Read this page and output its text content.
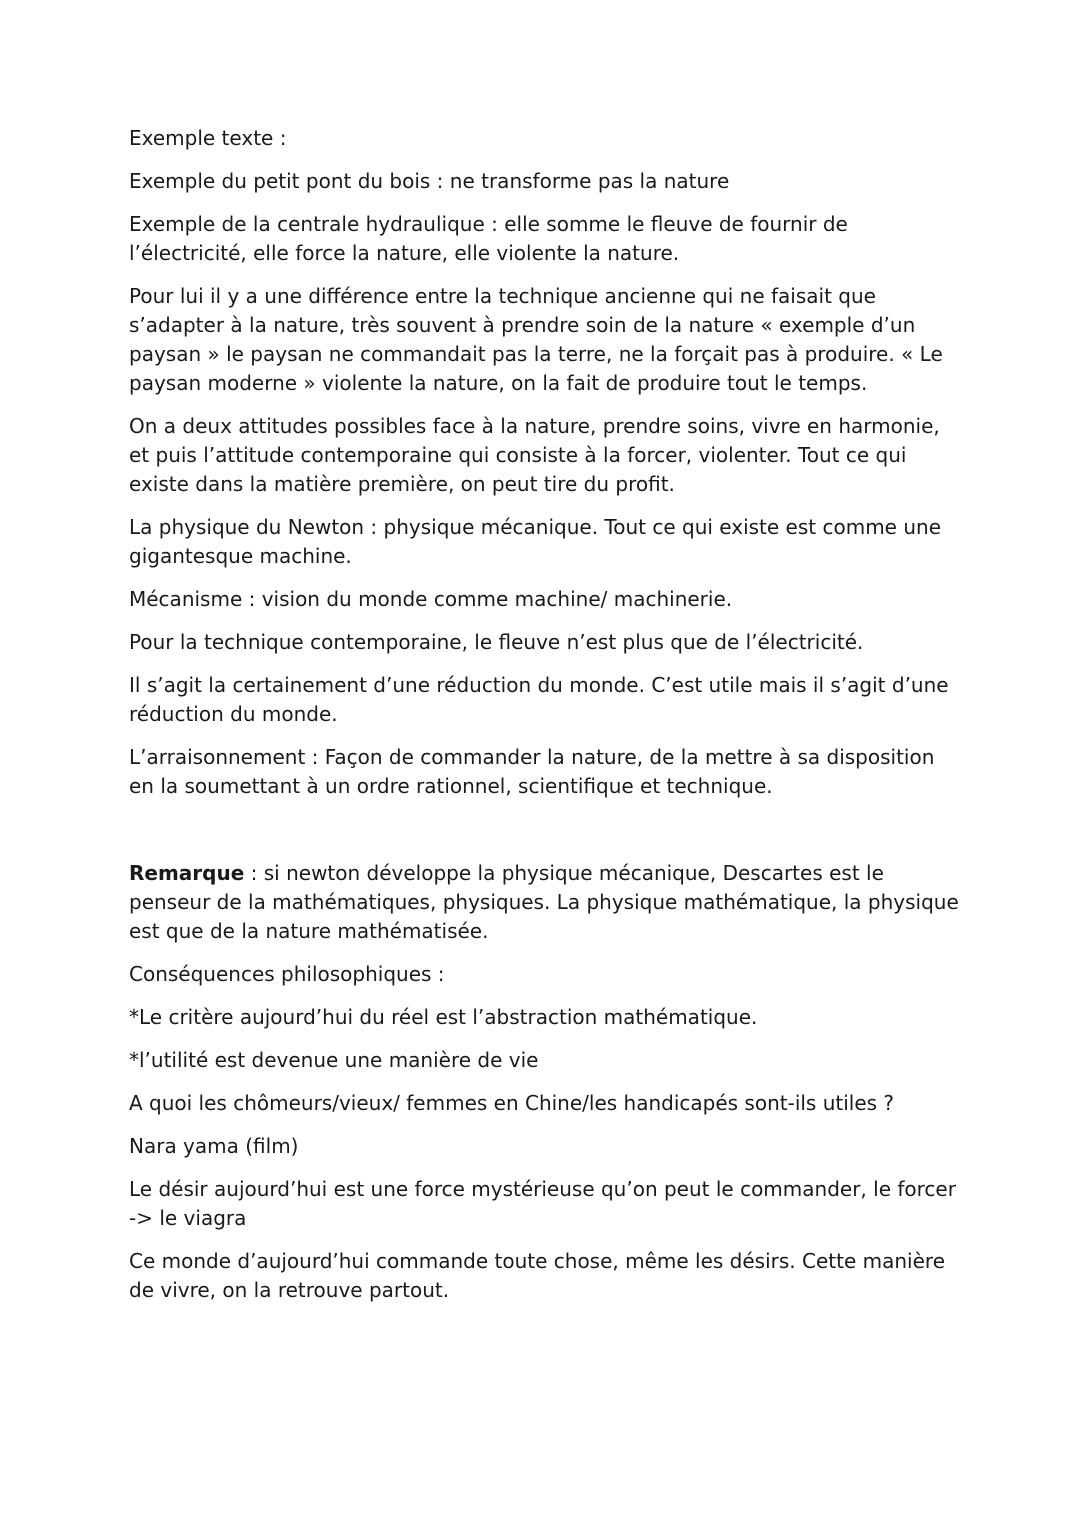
Exemple texte :

Exemple du petit pont du bois : ne transforme pas la nature

Exemple de la centrale hydraulique : elle somme le fleuve de fournir de l’électricité, elle force la nature, elle violente la nature.

Pour lui il y a une différence entre la technique ancienne qui ne faisait que s’adapter à la nature, très souvent à prendre soin de la nature « exemple d’un paysan » le paysan ne commandait pas la terre, ne la forçait pas à produire. « Le paysan moderne » violente la nature, on la fait de produire tout le temps.

On a deux attitudes possibles face à la nature, prendre soins, vivre en harmonie, et puis l’attitude contemporaine qui consiste à la forcer, violenter. Tout ce qui existe dans la matière première, on peut tire du profit.

La physique du Newton : physique mécanique. Tout ce qui existe est comme une gigantesque machine.

Mécanisme : vision du monde comme machine/ machinerie.

Pour la technique contemporaine, le fleuve n’est plus que de l’électricité.

Il s’agit la certainement d’une réduction du monde. C’est utile mais il s’agit d’une réduction du monde.

L’arraisonnement : Façon de commander la nature, de la mettre à sa disposition en la soumettant à un ordre rationnel, scientifique et technique.

Remarque : si newton développe la physique mécanique, Descartes est le penseur de la mathématiques, physiques. La physique mathématique, la physique est que de la nature mathématisée.

Conséquences philosophiques :

*Le critère aujourd’hui du réel est l’abstraction mathématique.

*l’utilité est devenue une manière de vie

A quoi les chômeurs/vieux/ femmes en Chine/les handicapés sont-ils utiles ?

Nara yama (film)

Le désir aujourd’hui est une force mystérieuse qu’on peut le commander, le forcer -> le viagra

Ce monde d’aujourd’hui commande toute chose, même les désirs. Cette manière de vivre, on la retrouve partout.
